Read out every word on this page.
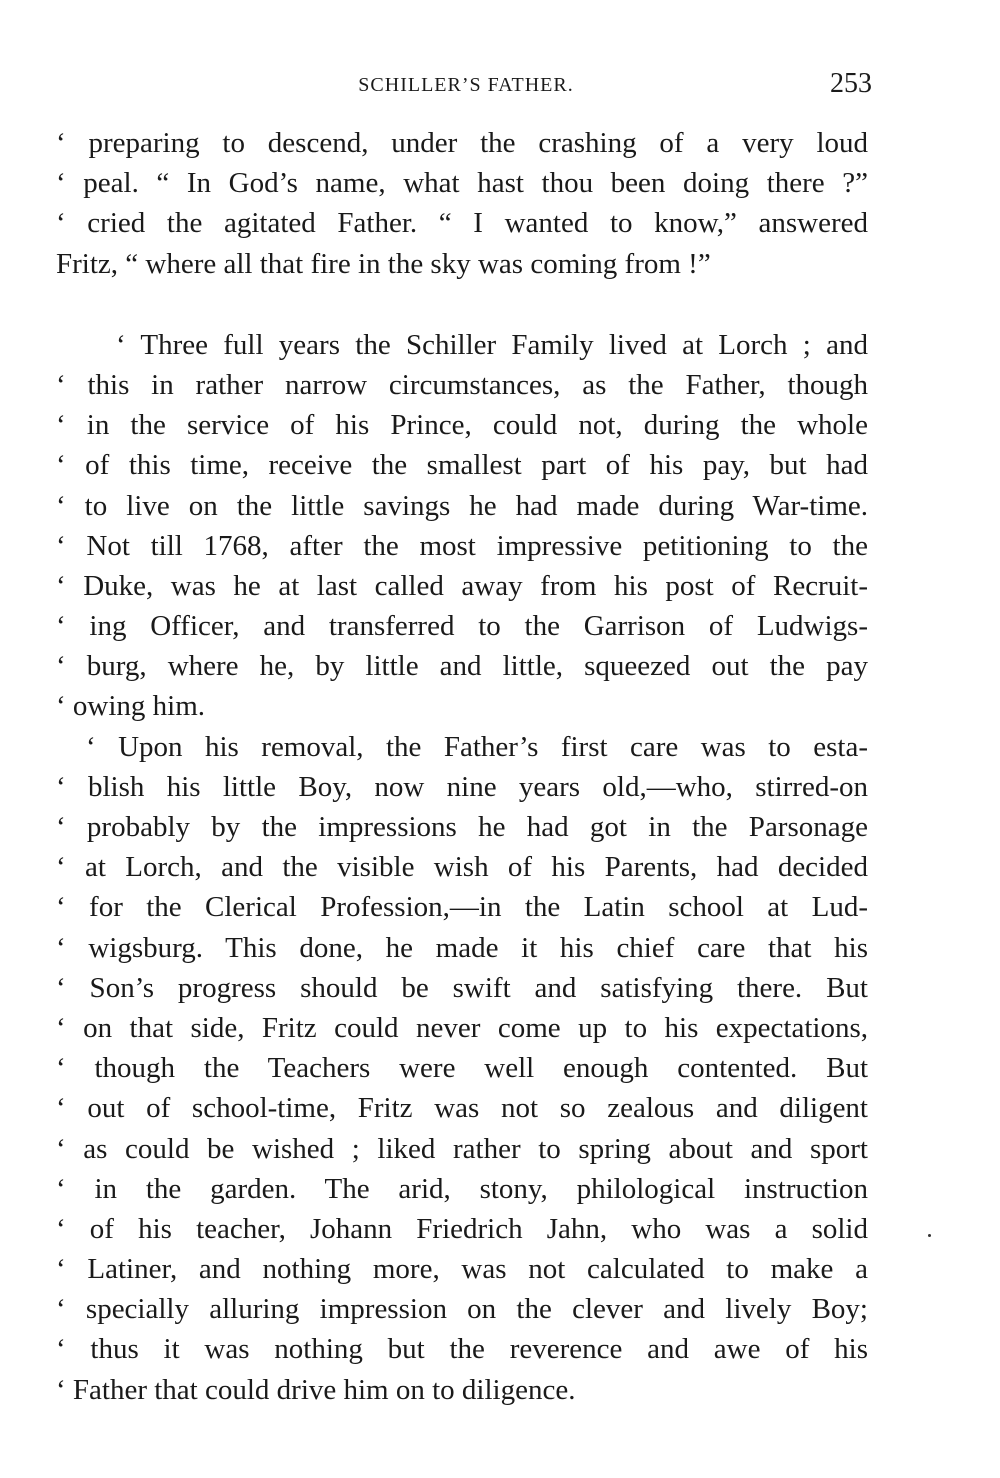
SCHILLER’S FATHER.	253
‘ preparing to descend, under the crashing of a very loud
‘ peal. “ In God’s name, what hast thou been doing there ?”
‘ cried the agitated Father. “ I wanted to know,” answered
Fritz, “ where all that fire in the sky was coming from !”
‘ Three full years the Schiller Family lived at Lorch ; and
‘ this in rather narrow circumstances, as the Father, though
‘ in the service of his Prince, could not, during the whole
‘ of this time, receive the smallest part of his pay, but had
‘ to live on the little savings he had made during War-time.
‘ Not till 1768, after the most impressive petitioning to the
‘ Duke, was he at last called away from his post of Recruit-
‘ ing Officer, and transferred to the Garrison of Ludwigs-
‘ burg, where he, by little and little, squeezed out the pay
‘ owing him.
‘ Upon his removal, the Father’s first care was to esta-
‘ blish his little Boy, now nine years old,—who, stirred-on
‘ probably by the impressions he had got in the Parsonage
‘ at Lorch, and the visible wish of his Parents, had decided
‘ for the Clerical Profession,—in the Latin school at Lud-
‘ wigsburg. This done, he made it his chief care that his
‘ Son’s progress should be swift and satisfying there. But
‘ on that side, Fritz could never come up to his expectations,
‘ though the Teachers were well enough contented. But
‘ out of school-time, Fritz was not so zealous and diligent
‘ as could be wished ; liked rather to spring about and sport
‘ in the garden. The arid, stony, philological instruction
‘ of his teacher, Johann Friedrich Jahn, who was a solid
‘ Latiner, and nothing more, was not calculated to make a
‘ specially alluring impression on the clever and lively Boy;
‘ thus it was nothing but the reverence and awe of his
‘ Father that could drive him on to diligence.
